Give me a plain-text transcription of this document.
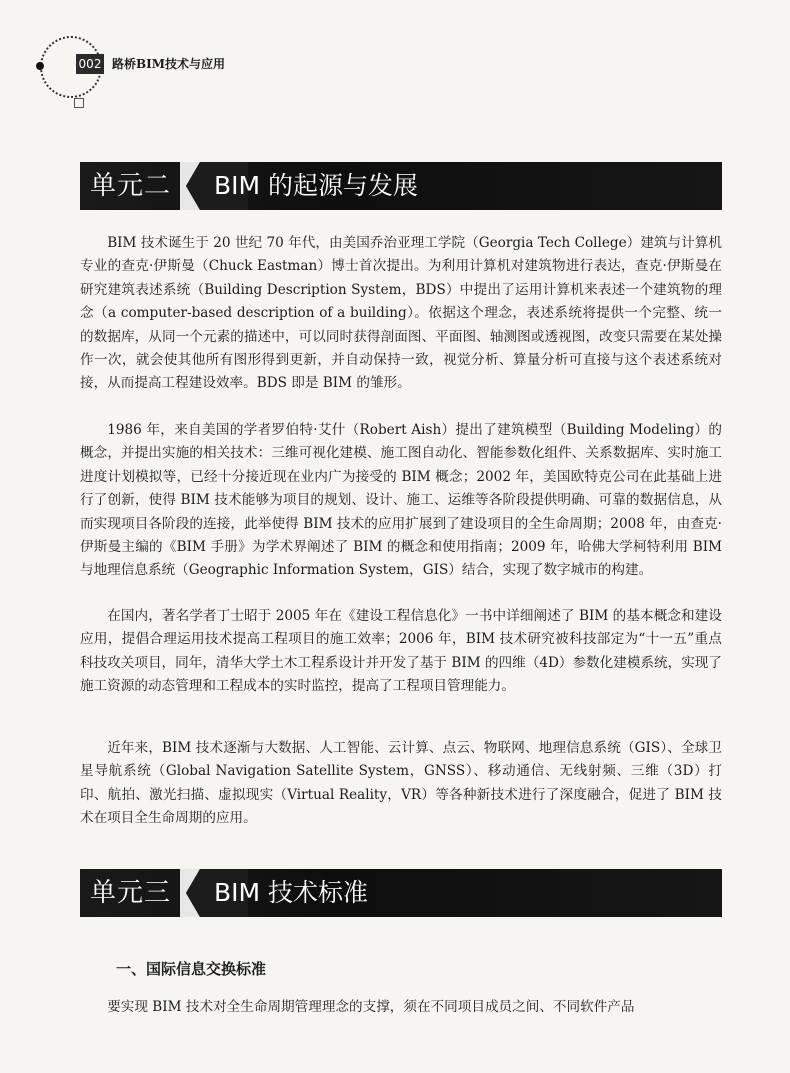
002 路桥BIM技术与应用
单元二 BIM 的起源与发展

BIM 技术诞生于 20 世纪 70 年代，由美国乔治亚理工学院（Georgia Tech College）建筑与计算机专业的查克·伊斯曼（Chuck Eastman）博士首次提出。为利用计算机对建筑物进行表达，查克·伊斯曼在研究建筑表述系统（Building Description System，BDS）中提出了运用计算机来表述一个建筑物的理念（a computer-based description of a building）。依据这个理念，表述系统将提供一个完整、统一的数据库，从同一个元素的描述中，可以同时获得剖面图、平面图、轴测图或透视图，改变只需要在某处操作一次，就会使其他所有图形得到更新，并自动保持一致，视觉分析、算量分析可直接与这个表述系统对接，从而提高工程建设效率。BDS 即是 BIM 的雏形。

1986 年，来自美国的学者罗伯特·艾什（Robert Aish）提出了建筑模型（Building Modeling）的概念，并提出实施的相关技术：三维可视化建模、施工图自动化、智能参数化组件、关系数据库、实时施工进度计划模拟等，已经十分接近现在业内广为接受的 BIM 概念；2002 年，美国欧特克公司在此基础上进行了创新，使得 BIM 技术能够为项目的规划、设计、施工、运维等各阶段提供明确、可靠的数据信息，从而实现项目各阶段的连接，此举使得 BIM 技术的应用扩展到了建设项目的全生命周期；2008 年，由查克·伊斯曼主编的《BIM 手册》为学术界阐述了 BIM 的概念和使用指南；2009 年，哈佛大学柯特利用 BIM 与地理信息系统（Geographic Information System，GIS）结合，实现了数字城市的构建。

在国内，著名学者丁士昭于 2005 年在《建设工程信息化》一书中详细阐述了 BIM 的基本概念和建设应用，提倡合理运用技术提高工程项目的施工效率；2006 年，BIM 技术研究被科技部定为“十一五”重点科技攻关项目，同年，清华大学土木工程系设计并开发了基于 BIM 的四维（4D）参数化建模系统，实现了施工资源的动态管理和工程成本的实时监控，提高了工程项目管理能力。

近年来，BIM 技术逐渐与大数据、人工智能、云计算、点云、物联网、地理信息系统（GIS）、全球卫星导航系统（Global Navigation Satellite System，GNSS）、移动通信、无线射频、三维（3D）打印、航拍、激光扫描、虚拟现实（Virtual Reality，VR）等各种新技术进行了深度融合，促进了 BIM 技术在项目全生命周期的应用。

单元三 BIM 技术标准
一、国际信息交换标准

要实现 BIM 技术对全生命周期管理理念的支撑，须在不同项目成员之间、不同软件产品
